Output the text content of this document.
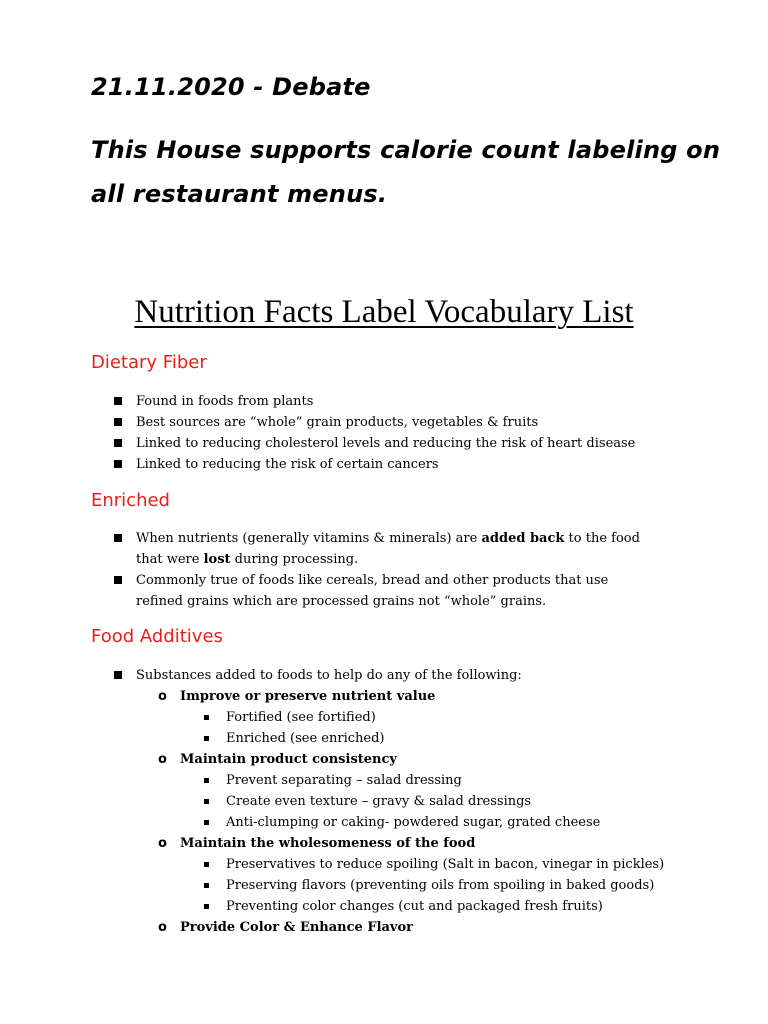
21.11.2020 - Debate
This House supports calorie count labeling on all restaurant menus.
Nutrition Facts Label Vocabulary List
Dietary Fiber
Found in foods from plants
Best sources are “whole” grain products, vegetables & fruits
Linked to reducing cholesterol levels and reducing the risk of heart disease
Linked to reducing the risk of certain cancers
Enriched
When nutrients (generally vitamins & minerals) are added back to the food that were lost during processing.
Commonly true of foods like cereals, bread and other products that use refined grains which are processed grains not “whole” grains.
Food Additives
Substances added to foods to help do any of the following:
o Improve or preserve nutrient value
Fortified (see fortified)
Enriched (see enriched)
o Maintain product consistency
Prevent separating – salad dressing
Create even texture – gravy & salad dressings
Anti-clumping or caking- powdered sugar, grated cheese
o Maintain the wholesomeness of the food
Preservatives to reduce spoiling (Salt in bacon, vinegar in pickles)
Preserving flavors (preventing oils from spoiling in baked goods)
Preventing color changes (cut and packaged fresh fruits)
o Provide Color & Enhance Flavor
